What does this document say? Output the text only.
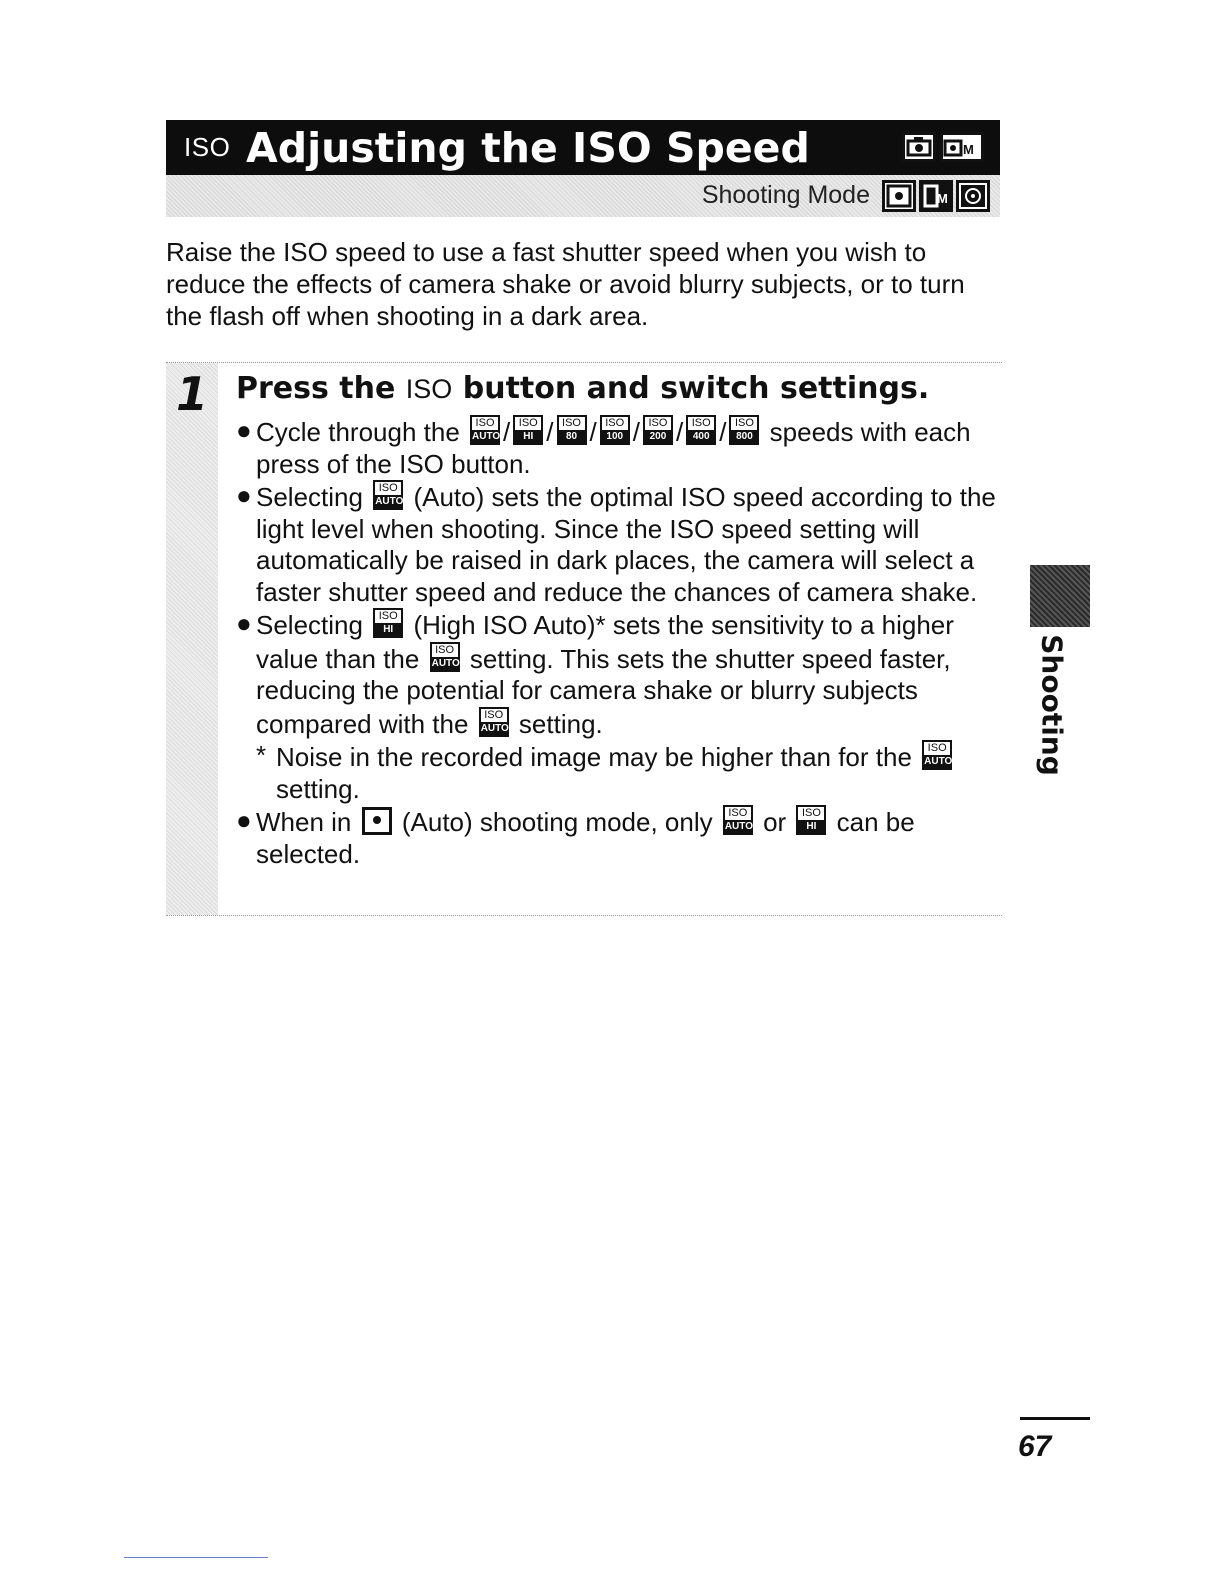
ISO Adjusting the ISO Speed	M
Shooting Mode	M

Raise the ISO speed to use a fast shutter speed when you wish to reduce the effects of camera shake or avoid blurry subjects, or to turn the flash off when shooting in a dark area.

1 Press the ISO button and switch settings.

● Cycle through the	ISO
AUTO / ISO
HI / ISO
80 / ISO
100 / ISO
200 / ISO
400 / ISO
800 speeds with each press of the ISO button.

● Selecting	ISO
AUTO (Auto) sets the optimal ISO speed according to the light level when shooting. Since the ISO speed setting will automatically be raised in dark places, the camera will select a faster shutter speed and reduce the chances of camera shake.

● Selecting	ISO
HI (High ISO Auto)* sets the sensitivity to a higher value than the	ISO
AUTO setting. This sets the shutter speed faster, reducing the potential for camera shake or blurry subjects compared with the	ISO
AUTO setting.

* Noise in the recorded image may be higher than for the	ISO
AUTO
setting.

● When in (Auto) shooting mode, only	ISO
AUTO or	ISO
HI can be selected.

Shooting
67
